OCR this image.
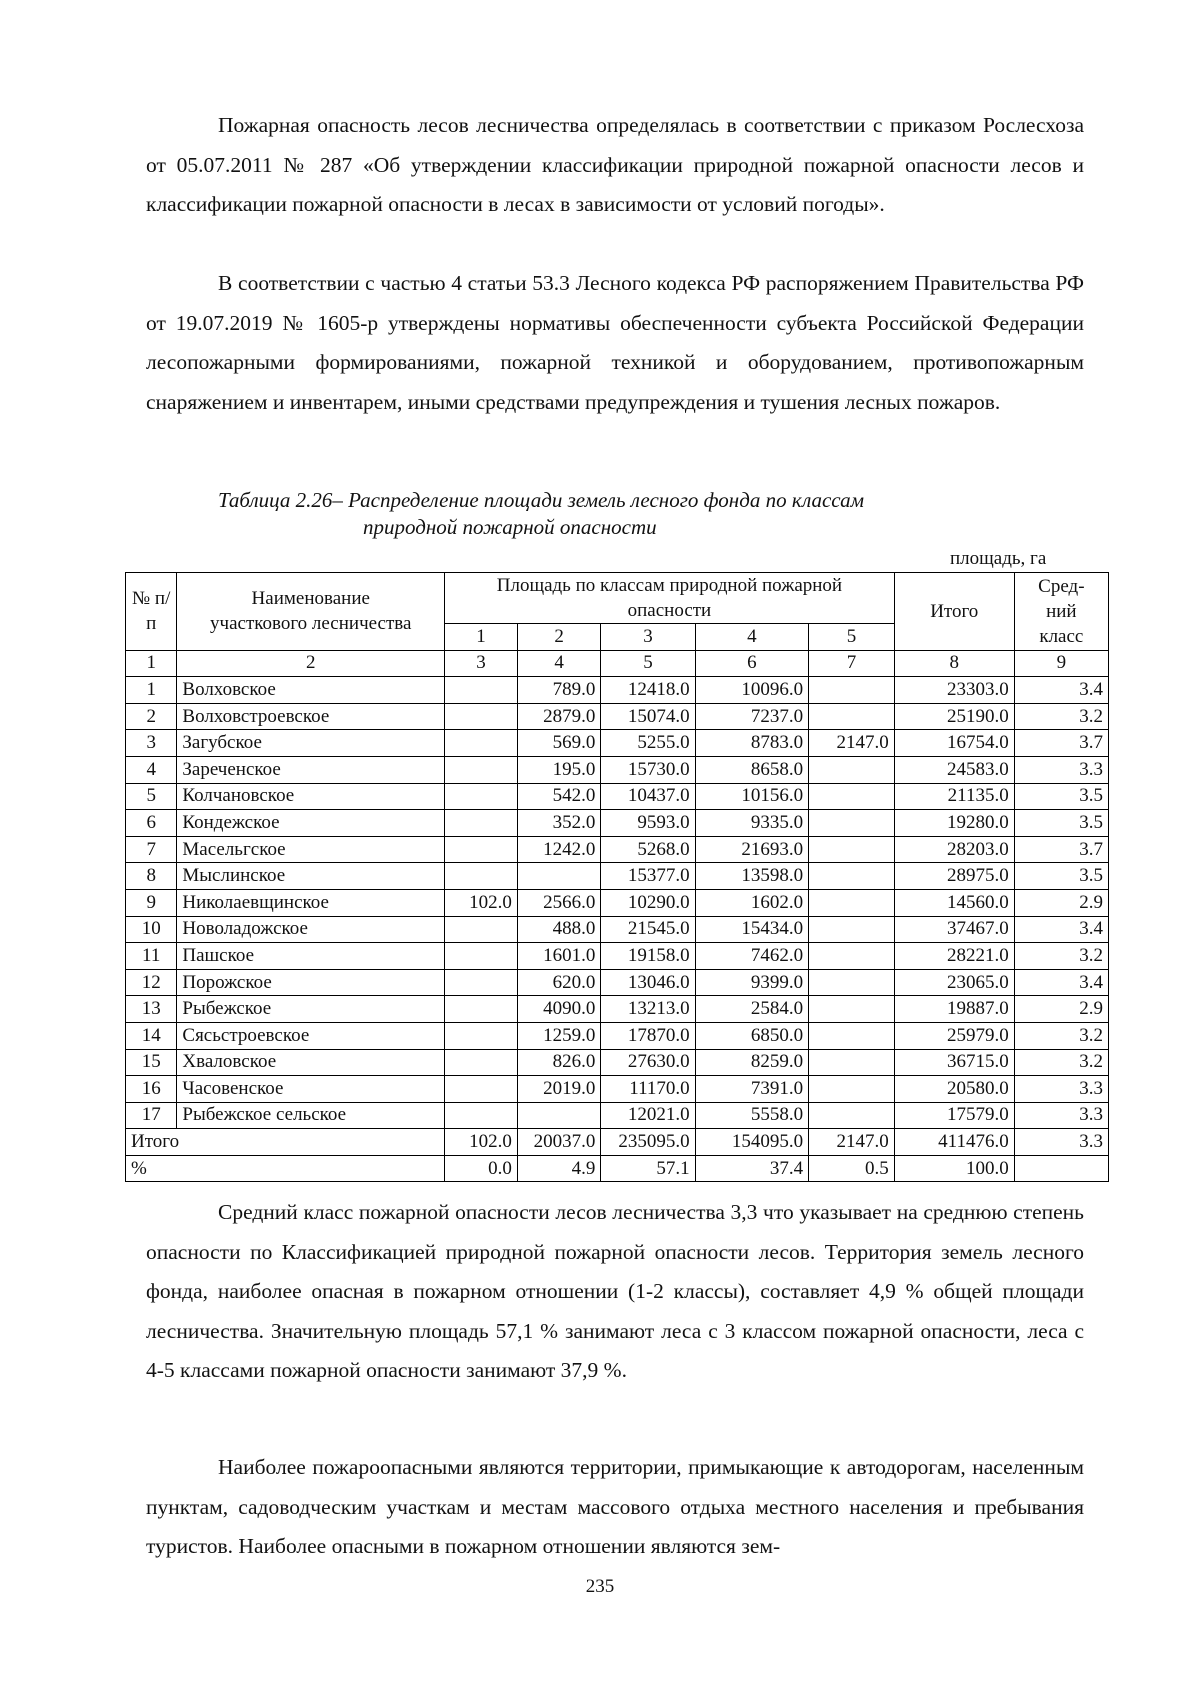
Пожарная опасность лесов лесничества определялась в соответствии с приказом Рослесхоза от 05.07.2011 № 287 «Об утверждении классификации природной пожарной опасности лесов и классификации пожарной опасности в лесах в зависимости от условий погоды».

В соответствии с частью 4 статьи 53.3 Лесного кодекса РФ распоряжением Правительства РФ от 19.07.2019 № 1605-р утверждены нормативы обеспеченности субъекта Российской Федерации лесопожарными формированиями, пожарной техникой и оборудованием, противопожарным снаряжением и инвентарем, иными средствами предупреждения и тушения лесных пожаров.

Таблица 2.26– Распределение площади земель лесного фонда по классам

природной пожарной опасности

площадь, га
№ п/п	Наименование участкового лесничества	Площадь по классам природной пожарной опасности					Итого	Сред- ний класс
		1	2	3	4	5		
1	2	3	4	5	6	7	8	9
1	Волховское		789.0	12418.0	10096.0		23303.0	3.4
2	Волховстроевское		2879.0	15074.0	7237.0		25190.0	3.2
3	Загубское		569.0	5255.0	8783.0	2147.0	16754.0	3.7
4	Зареченское		195.0	15730.0	8658.0		24583.0	3.3
5	Колчановское		542.0	10437.0	10156.0		21135.0	3.5
6	Кондежское		352.0	9593.0	9335.0		19280.0	3.5
7	Масельгское		1242.0	5268.0	21693.0		28203.0	3.7
8	Мыслинское			15377.0	13598.0		28975.0	3.5
9	Николаевщинское	102.0	2566.0	10290.0	1602.0		14560.0	2.9
10	Новоладожское		488.0	21545.0	15434.0		37467.0	3.4
11	Пашское		1601.0	19158.0	7462.0		28221.0	3.2
12	Порожское		620.0	13046.0	9399.0		23065.0	3.4
13	Рыбежское		4090.0	13213.0	2584.0		19887.0	2.9
14	Сясьстроевское		1259.0	17870.0	6850.0		25979.0	3.2
15	Хваловское		826.0	27630.0	8259.0		36715.0	3.2
16	Часовенское		2019.0	11170.0	7391.0		20580.0	3.3
17	Рыбежское сельское			12021.0	5558.0		17579.0	3.3
Итого		102.0	20037.0	235095.0	154095.0	2147.0	411476.0	3.3
%		0.0	4.9	57.1	37.4	0.5	100.0	

Средний класс пожарной опасности лесов лесничества 3,3 что указывает на среднюю степень опасности по Классификацией природной пожарной опасности лесов. Территория земель лесного фонда, наиболее опасная в пожарном отношении (1-2 классы), составляет 4,9 % общей площади лесничества. Значительную площадь 57,1 % занимают леса с 3 классом пожарной опасности, леса с 4-5 классами пожарной опасности занимают 37,9 %.

Наиболее пожароопасными являются территории, примыкающие к автодорогам, населенным пунктам, садоводческим участкам и местам массового отдыха местного населения и пребывания туристов. Наиболее опасными в пожарном отношении являются зем-

235
